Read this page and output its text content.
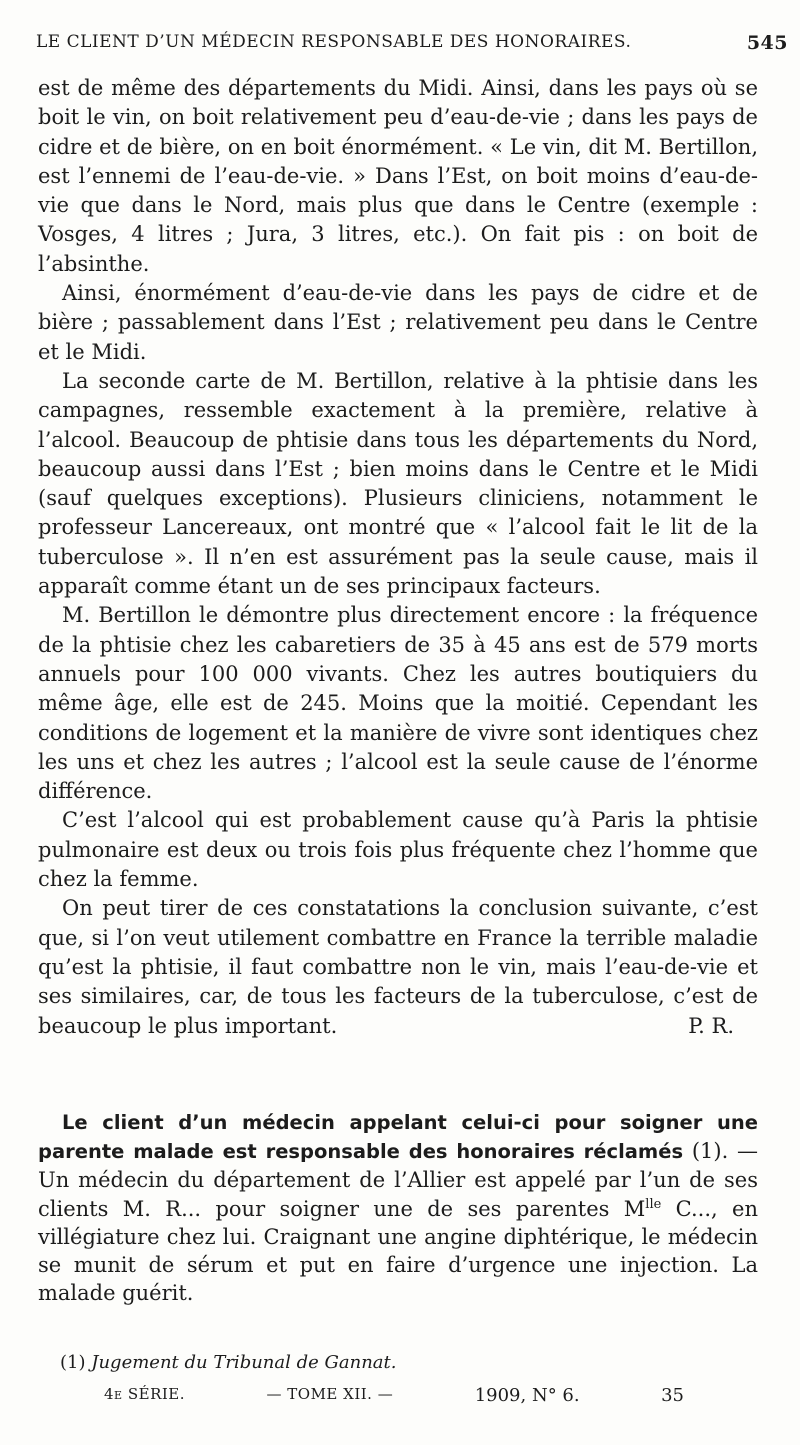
LE CLIENT D’UN MÉDECIN RESPONSABLE DES HONORAIRES.	545

est de même des départements du Midi. Ainsi, dans les pays où se boit le vin, on boit relativement peu d’eau-de-vie ; dans les pays de cidre et de bière, on en boit énormément. « Le vin, dit M. Bertillon, est l’ennemi de l’eau-de-vie. » Dans l’Est, on boit moins d’eau-de-vie que dans le Nord, mais plus que dans le Centre (exemple : Vosges, 4 litres ; Jura, 3 litres, etc.). On fait pis : on boit de l’absinthe.

Ainsi, énormément d’eau-de-vie dans les pays de cidre et de bière ; passablement dans l’Est ; relativement peu dans le Centre et le Midi.

La seconde carte de M. Bertillon, relative à la phtisie dans les campagnes, ressemble exactement à la première, relative à l’alcool. Beaucoup de phtisie dans tous les départements du Nord, beaucoup aussi dans l’Est ; bien moins dans le Centre et le Midi (sauf quelques exceptions). Plusieurs cliniciens, notamment le professeur Lancereaux, ont montré que « l’alcool fait le lit de la tuberculose ». Il n’en est assurément pas la seule cause, mais il apparaît comme étant un de ses principaux facteurs.

M. Bertillon le démontre plus directement encore : la fréquence de la phtisie chez les cabaretiers de 35 à 45 ans est de 579 morts annuels pour 100 000 vivants. Chez les autres boutiquiers du même âge, elle est de 245. Moins que la moitié. Cependant les conditions de logement et la manière de vivre sont identiques chez les uns et chez les autres ; l’alcool est la seule cause de l’énorme différence.

C’est l’alcool qui est probablement cause qu’à Paris la phtisie pulmonaire est deux ou trois fois plus fréquente chez l’homme que chez la femme.

On peut tirer de ces constatations la conclusion suivante, c’est que, si l’on veut utilement combattre en France la terrible maladie qu’est la phtisie, il faut combattre non le vin, mais l’eau-de-vie et ses similaires, car, de tous les facteurs de la tuberculose, c’est de beaucoup le plus important.	P. R.

Le client d’un médecin appelant celui-ci pour soigner une parente malade est responsable des honoraires réclamés (1). — Un médecin du département de l’Allier est appelé par l’un de ses clients M. R... pour soigner une de ses parentes $M^{lle}$ C..., en villégiature chez lui. Craignant une angine diphtérique, le médecin se munit de sérum et put en faire d’urgence une injection. La malade guérit.

(1) Jugement du Tribunal de Gannat.
4e SÉRIE.	— TOME XII. —	1909, N° 6.	35
